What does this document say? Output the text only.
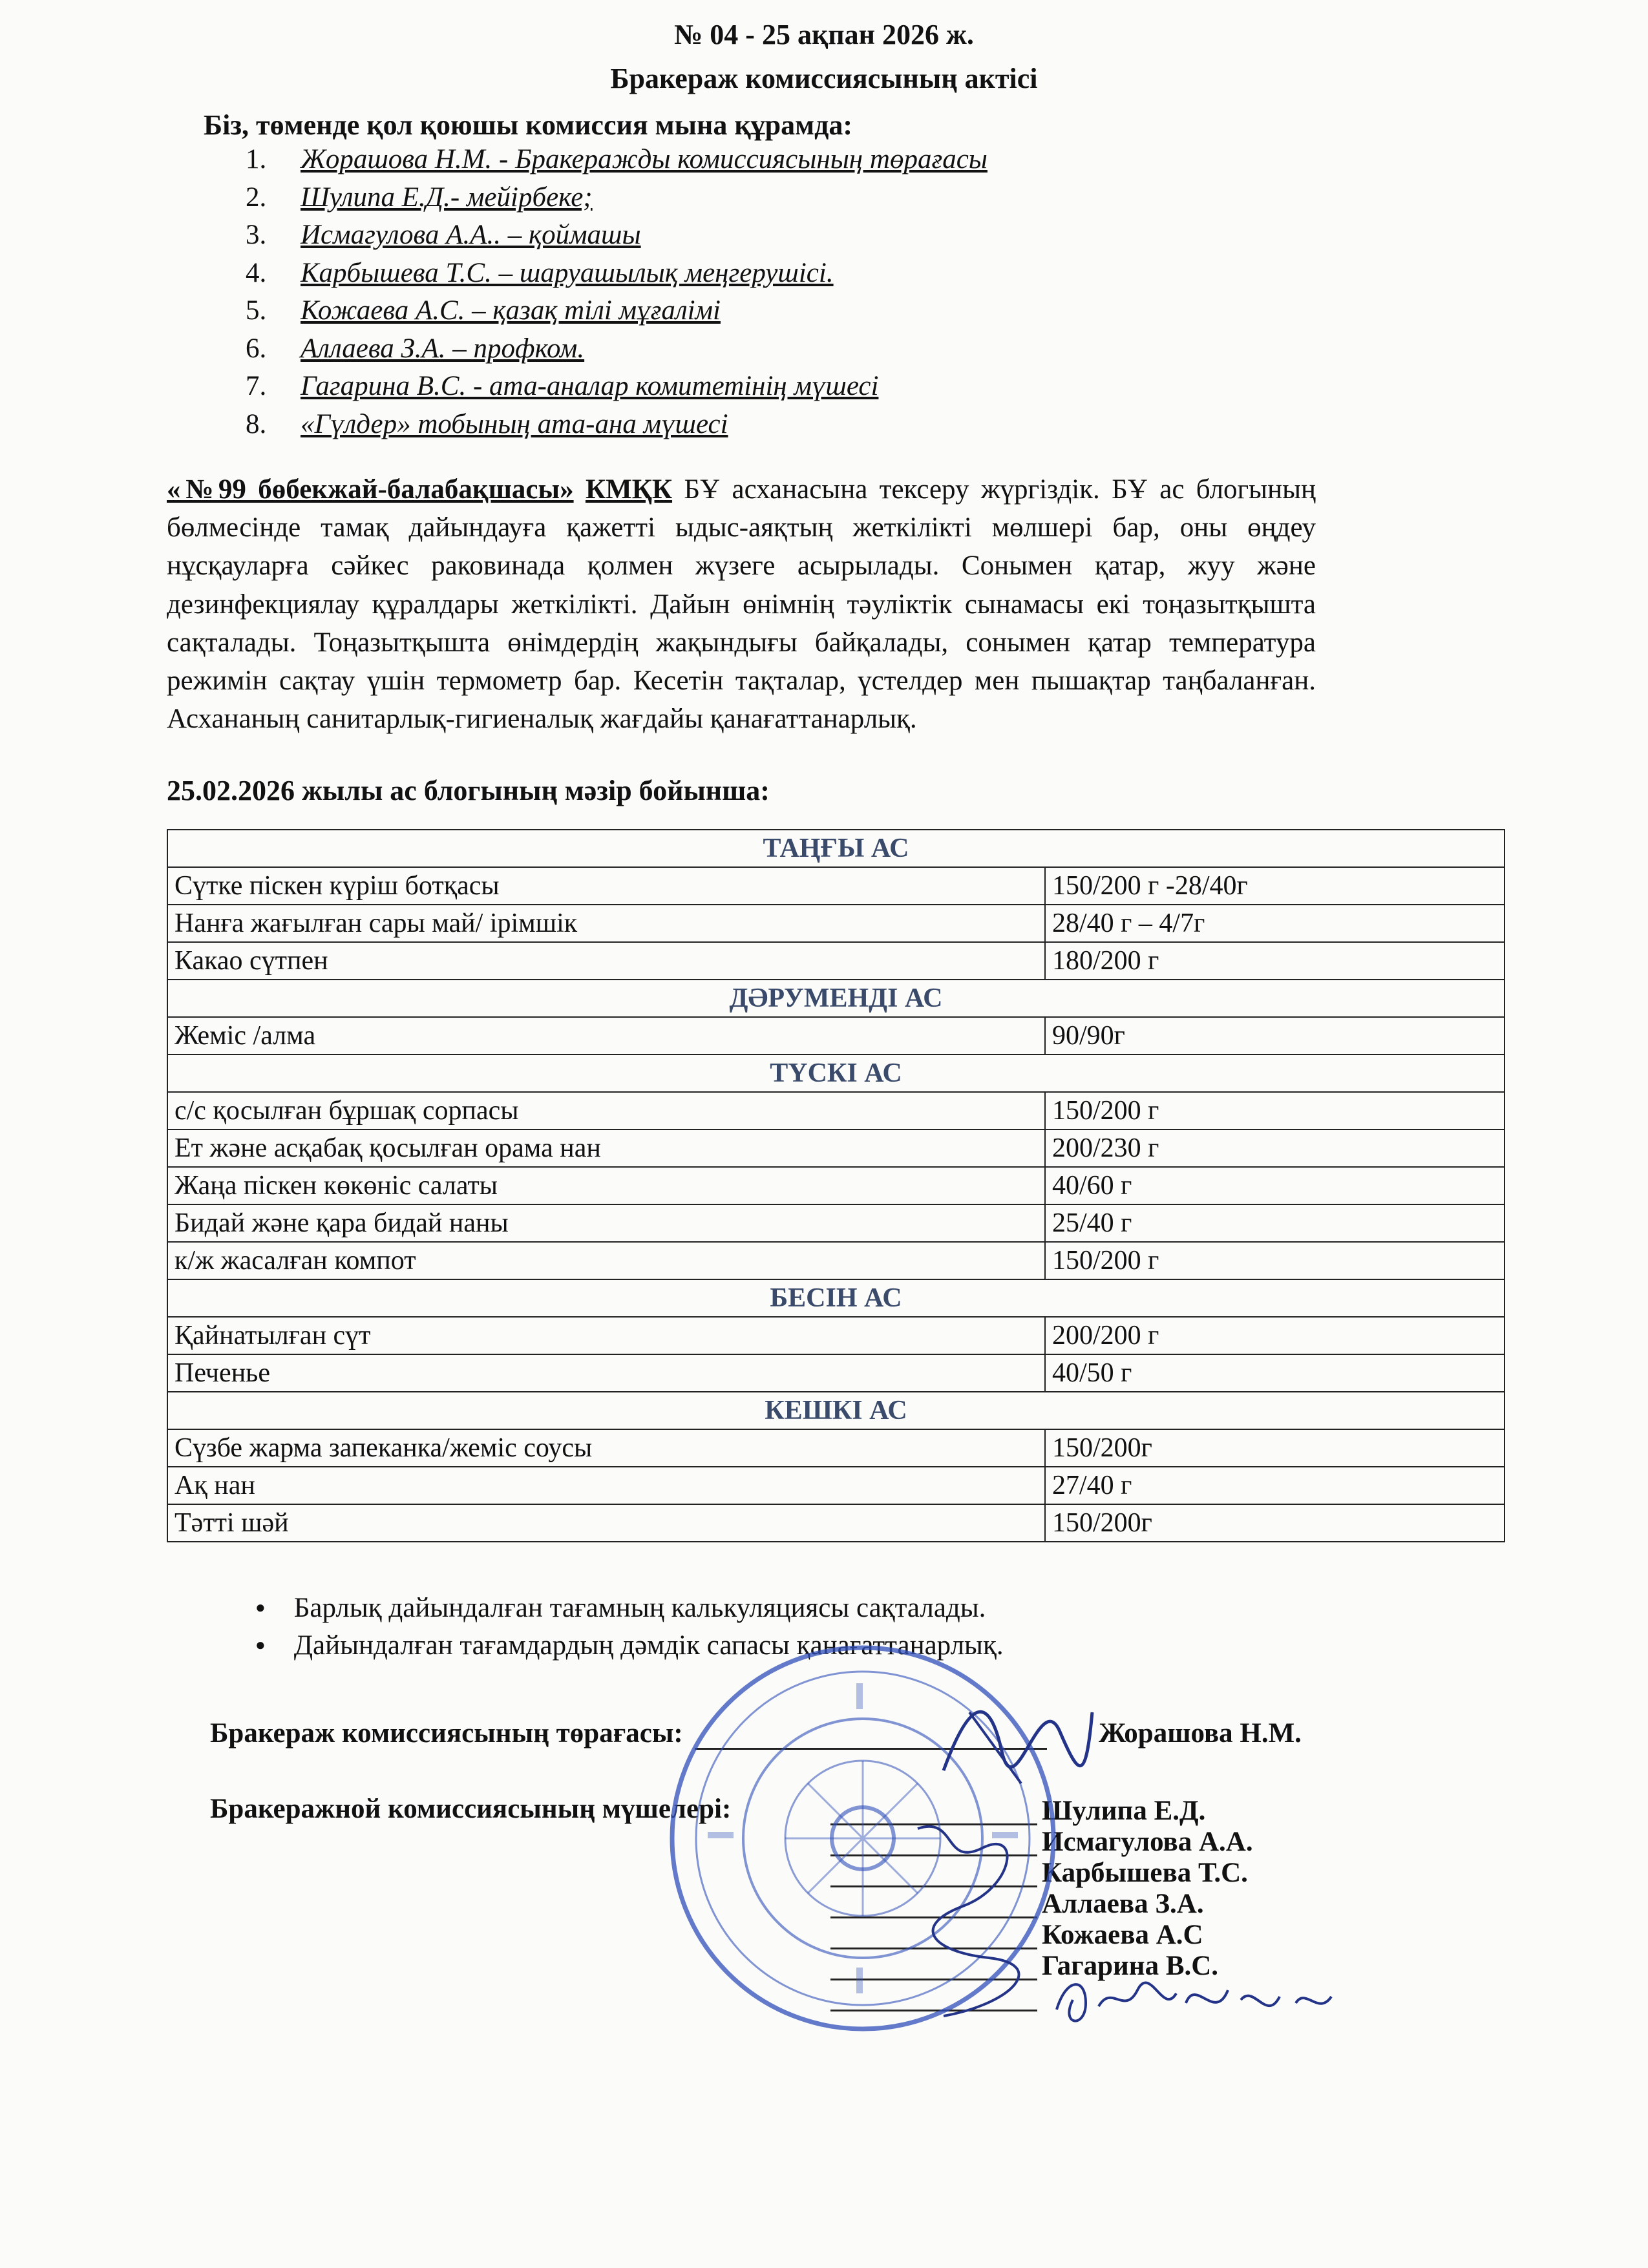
№ 04 - 25 ақпан 2026 ж.
Бракераж комиссиясының актісі
Біз, төменде қол қоюшы комиссия мына құрамда:
1.	Жорашова Н.М. - Бракеражды комиссиясының төрағасы
2.	Шулипа Е.Д.- мейірбеке;
3.	Исмагулова А.А.. – қоймашы
4.	Карбышева Т.С. – шаруашылық меңгерушісі.
5.	Кожаева А.С. – қазақ тілі мұғалімі
6.	Аллаева З.А. – профком.
7.	Гагарина В.С. - ата-аналар комитетінің мүшесі
8.	«Гүлдер» тобының ата-ана мүшесі
«№99 бөбекжай-балабақшасы» КМҚК БҰ асханасына тексеру жүргіздік. БҰ ас блогының бөлмесінде тамақ дайындауға қажетті ыдыс-аяқтың жеткілікті мөлшері бар, оны өңдеу нұсқауларға сәйкес раковинада қолмен жүзеге асырылады. Сонымен қатар, жуу және дезинфекциялау құралдары жеткілікті. Дайын өнімнің тәуліктік сынамасы екі тоңазытқышта сақталады. Тоңазытқышта өнімдердің жақындығы байқалады, сонымен қатар температура режимін сақтау үшін термометр бар. Кесетін тақталар, үстелдер мен пышақтар таңбаланған. Асхананың санитарлық-гигиеналық жағдайы қанағаттанарлық.
25.02.2026 жылы ас блогының мәзір бойынша:
ТАҢҒЫ АС	
Сүтке піскен күріш ботқасы	150/200 г -28/40г
Нанға жағылған сары май/ ірімшік	28/40 г – 4/7г
Какао сүтпен	180/200 г
ДӘРУМЕНДІ АС	
Жеміс /алма	90/90г
ТҮСКІ АС	
с/с қосылған бұршақ сорпасы	150/200 г
Ет және асқабақ қосылған орама нан	200/230 г
Жаңа піскен көкөніс салаты	40/60 г
Бидай және қара бидай наны	25/40 г
к/ж жасалған компот	150/200 г
БЕСІН АС	
Қайнатылған сүт	200/200 г
Печенье	40/50 г
КЕШКІ АС	
Сүзбе жарма запеканка/жеміс соусы	150/200г
Ақ нан	27/40 г
Тәтті шәй	150/200г
● Барлық дайындалған тағамның калькуляциясы сақталады.
● Дайындалған тағамдардың дәмдік сапасы қанағаттанарлық.
Бракераж комиссиясының төрағасы:	Жорашова Н.М.
Бракеражной комиссиясының мүшелері:	Шулипа Е.Д.
Исмагулова А.А.
Карбышева Т.С.
Аллаева З.А.
Кожаева А.С
Гагарина В.С.
